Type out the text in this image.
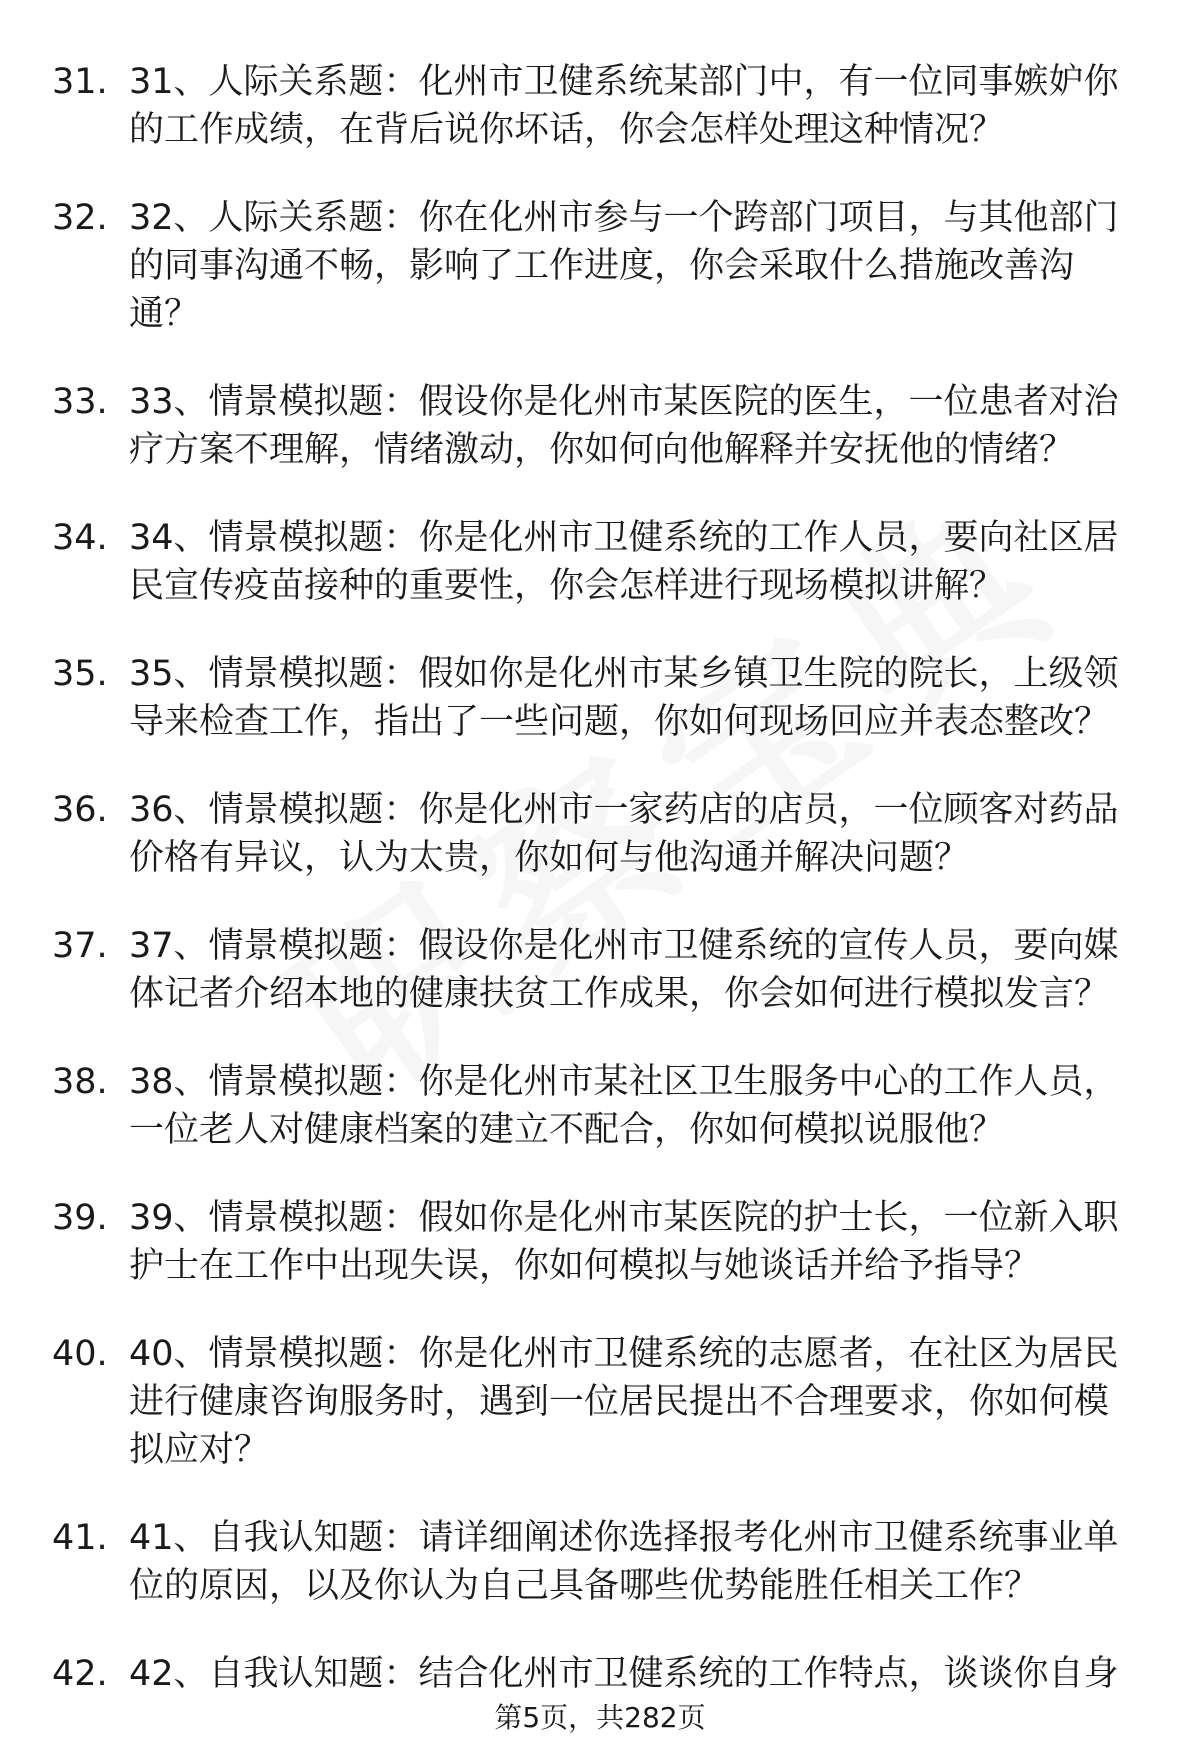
31. 31、人际关系题：化州市卫健系统某部门中，有一位同事嫉妒你的工作成绩，在背后说你坏话，你会怎样处理这种情况？
32. 32、人际关系题：你在化州市参与一个跨部门项目，与其他部门的同事沟通不畅，影响了工作进度，你会采取什么措施改善沟通？
33. 33、情景模拟题：假设你是化州市某医院的医生，一位患者对治疗方案不理解，情绪激动，你如何向他解释并安抚他的情绪？
34. 34、情景模拟题：你是化州市卫健系统的工作人员，要向社区居民宣传疫苗接种的重要性，你会怎样进行现场模拟讲解？
35. 35、情景模拟题：假如你是化州市某乡镇卫生院的院长，上级领导来检查工作，指出了一些问题，你如何现场回应并表态整改？
36. 36、情景模拟题：你是化州市一家药店的店员，一位顾客对药品价格有异议，认为太贵，你如何与他沟通并解决问题？
37. 37、情景模拟题：假设你是化州市卫健系统的宣传人员，要向媒体记者介绍本地的健康扶贫工作成果，你会如何进行模拟发言？
38. 38、情景模拟题：你是化州市某社区卫生服务中心的工作人员，一位老人对健康档案的建立不配合，你如何模拟说服他？
39. 39、情景模拟题：假如你是化州市某医院的护士长，一位新入职护士在工作中出现失误，你如何模拟与她谈话并给予指导？
40. 40、情景模拟题：你是化州市卫健系统的志愿者，在社区为居民进行健康咨询服务时，遇到一位居民提出不合理要求，你如何模拟应对？
41. 41、自我认知题：请详细阐述你选择报考化州市卫健系统事业单位的原因，以及你认为自己具备哪些优势能胜任相关工作？
42. 42、自我认知题：结合化州市卫健系统的工作特点，谈谈你自身
第5页，共282页
